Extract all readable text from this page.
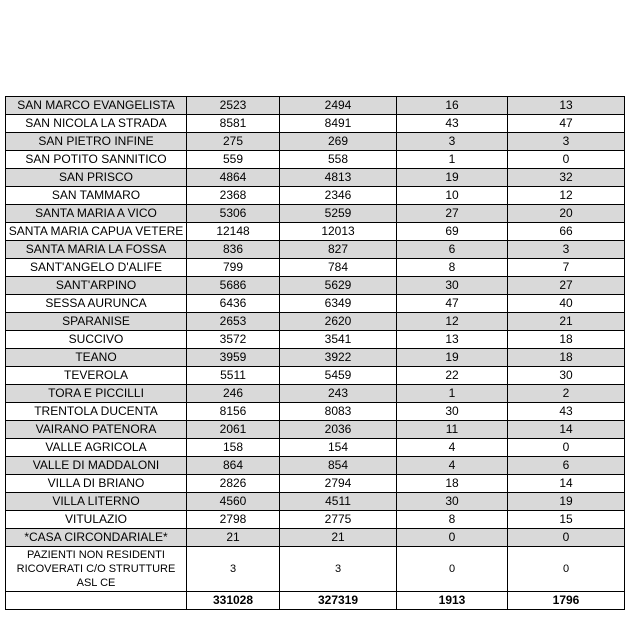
SAN MARCO EVANGELISTA	2523	2494	16	13
SAN NICOLA LA STRADA	8581	8491	43	47
SAN PIETRO INFINE	275	269	3	3
SAN POTITO SANNITICO	559	558	1	0
SAN PRISCO	4864	4813	19	32
SAN TAMMARO	2368	2346	10	12
SANTA MARIA A VICO	5306	5259	27	20
SANTA MARIA CAPUA VETERE	12148	12013	69	66
SANTA MARIA LA FOSSA	836	827	6	3
SANT'ANGELO D'ALIFE	799	784	8	7
SANT'ARPINO	5686	5629	30	27
SESSA AURUNCA	6436	6349	47	40
SPARANISE	2653	2620	12	21
SUCCIVO	3572	3541	13	18
TEANO	3959	3922	19	18
TEVEROLA	5511	5459	22	30
TORA E PICCILLI	246	243	1	2
TRENTOLA DUCENTA	8156	8083	30	43
VAIRANO PATENORA	2061	2036	11	14
VALLE AGRICOLA	158	154	4	0
VALLE DI MADDALONI	864	854	4	6
VILLA DI BRIANO	2826	2794	18	14
VILLA LITERNO	4560	4511	30	19
VITULAZIO	2798	2775	8	15
*CASA CIRCONDARIALE*	21	21	0	0
PAZIENTI NON RESIDENTI RICOVERATI C/O STRUTTURE ASL CE	3	3	0	0
	331028	327319	1913	1796
